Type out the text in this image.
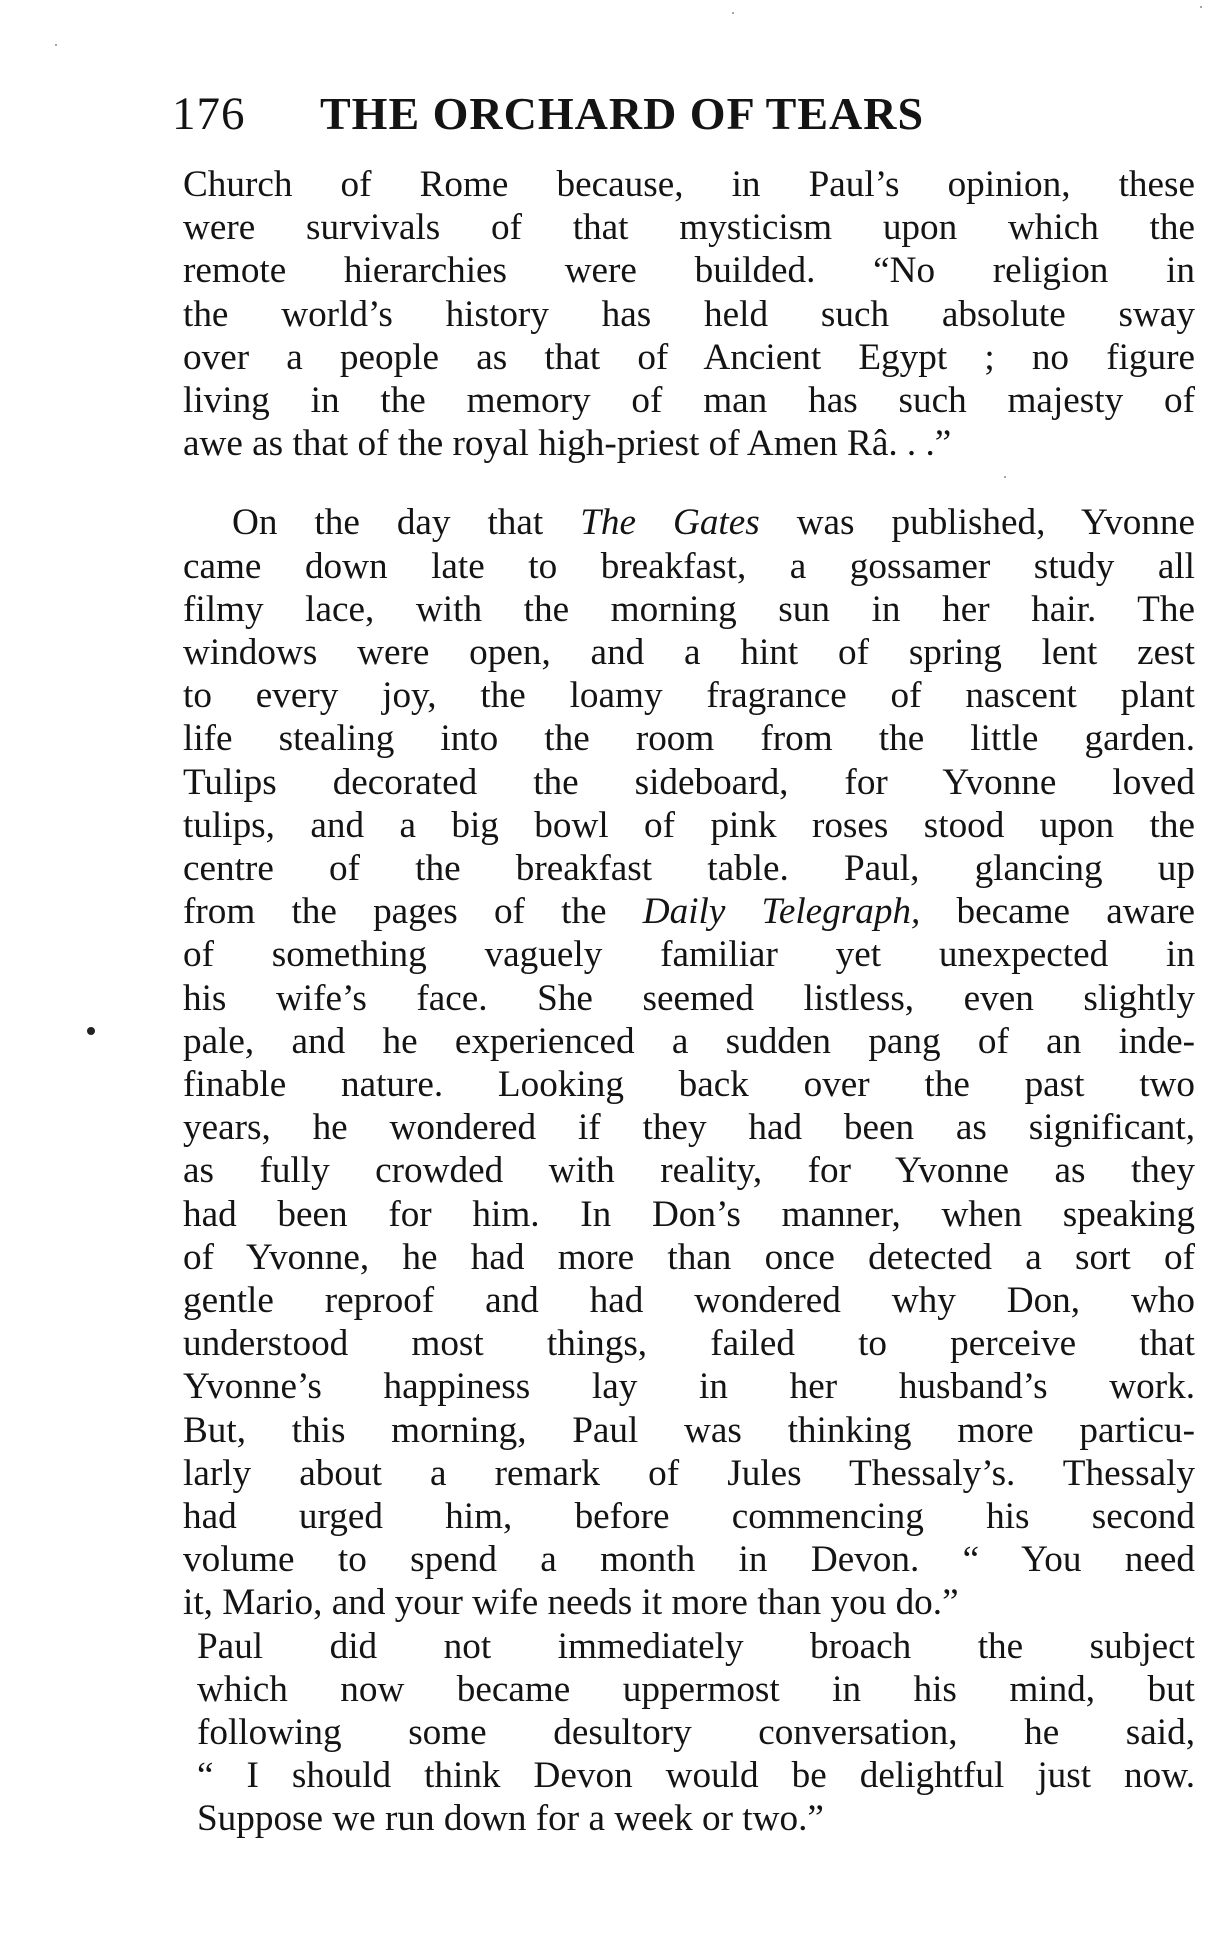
176 THE ORCHARD OF TEARS
Church of Rome because, in Paul’s opinion, these
were survivals of that mysticism upon which the
remote hierarchies were builded. “No religion in
the world’s history has held such absolute sway
over a people as that of Ancient Egypt ; no figure
living in the memory of man has such majesty of
awe as that of the royal high-priest of Amen Râ. . .”
On the day that The Gates was published, Yvonne
came down late to breakfast, a gossamer study all
filmy lace, with the morning sun in her hair. The
windows were open, and a hint of spring lent zest
to every joy, the loamy fragrance of nascent plant
life stealing into the room from the little garden.
Tulips decorated the sideboard, for Yvonne loved
tulips, and a big bowl of pink roses stood upon the
centre of the breakfast table. Paul, glancing up
from the pages of the Daily Telegraph, became aware
of something vaguely familiar yet unexpected in
his wife’s face. She seemed listless, even slightly
pale, and he experienced a sudden pang of an inde-
finable nature. Looking back over the past two
years, he wondered if they had been as significant,
as fully crowded with reality, for Yvonne as they
had been for him. In Don’s manner, when speaking
of Yvonne, he had more than once detected a sort of
gentle reproof and had wondered why Don, who
understood most things, failed to perceive that
Yvonne’s happiness lay in her husband’s work.
But, this morning, Paul was thinking more particu-
larly about a remark of Jules Thessaly’s. Thessaly
had urged him, before commencing his second
volume to spend a month in Devon. “ You need
it, Mario, and your wife needs it more than you do.”
Paul did not immediately broach the subject
which now became uppermost in his mind, but
following some desultory conversation, he said,
“ I should think Devon would be delightful just now.
Suppose we run down for a week or two.”
